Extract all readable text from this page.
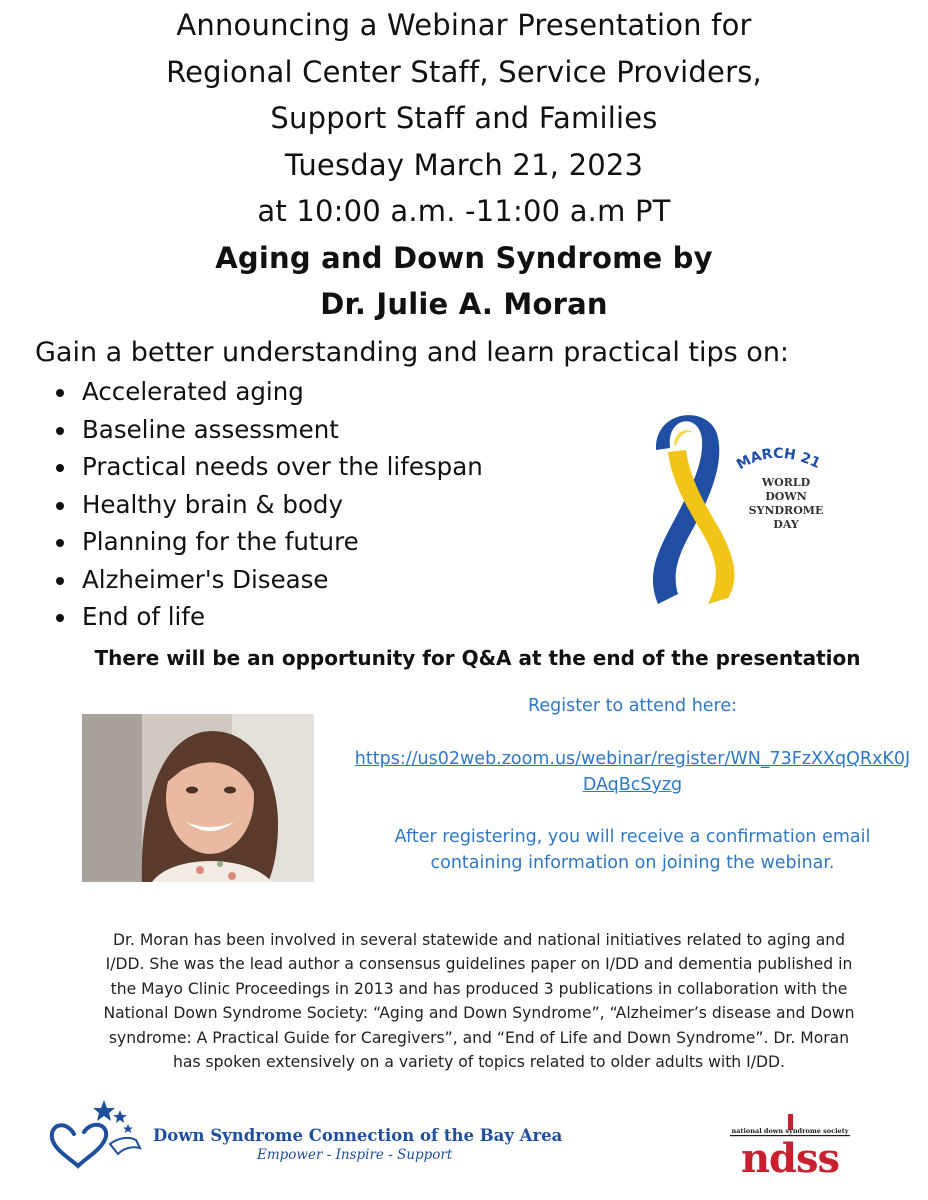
Announcing a Webinar Presentation for
Regional Center Staff, Service Providers,
Support Staff and Families
Tuesday March 21, 2023
at 10:00 a.m. -11:00 a.m PT
Aging and Down Syndrome by
Dr. Julie A. Moran
Gain a better understanding and learn practical tips on:
Accelerated aging
Baseline assessment
Practical needs over the lifespan
Healthy brain & body
Planning for the future
Alzheimer's Disease
End of life
MARCH 21
WORLD
DOWN
SYNDROME
DAY
There will be an opportunity for Q&A at the end of the presentation

Register to attend here:

https://us02web.zoom.us/webinar/register/WN_73FzXXqQRxK0JDAqBcSyzg

After registering, you will receive a confirmation email containing information on joining the webinar.

Dr. Moran has been involved in several statewide and national initiatives related to aging and I/DD. She was the lead author a consensus guidelines paper on I/DD and dementia published in the Mayo Clinic Proceedings in 2013 and has produced 3 publications in collaboration with the National Down Syndrome Society: “Aging and Down Syndrome”, “Alzheimer’s disease and Down syndrome: A Practical Guide for Caregivers”, and “End of Life and Down Syndrome”. Dr. Moran has spoken extensively on a variety of topics related to older adults with I/DD.
Down Syndrome Connection of the Bay Area
Empower - Inspire - Support
national down syndrome society
ndss
